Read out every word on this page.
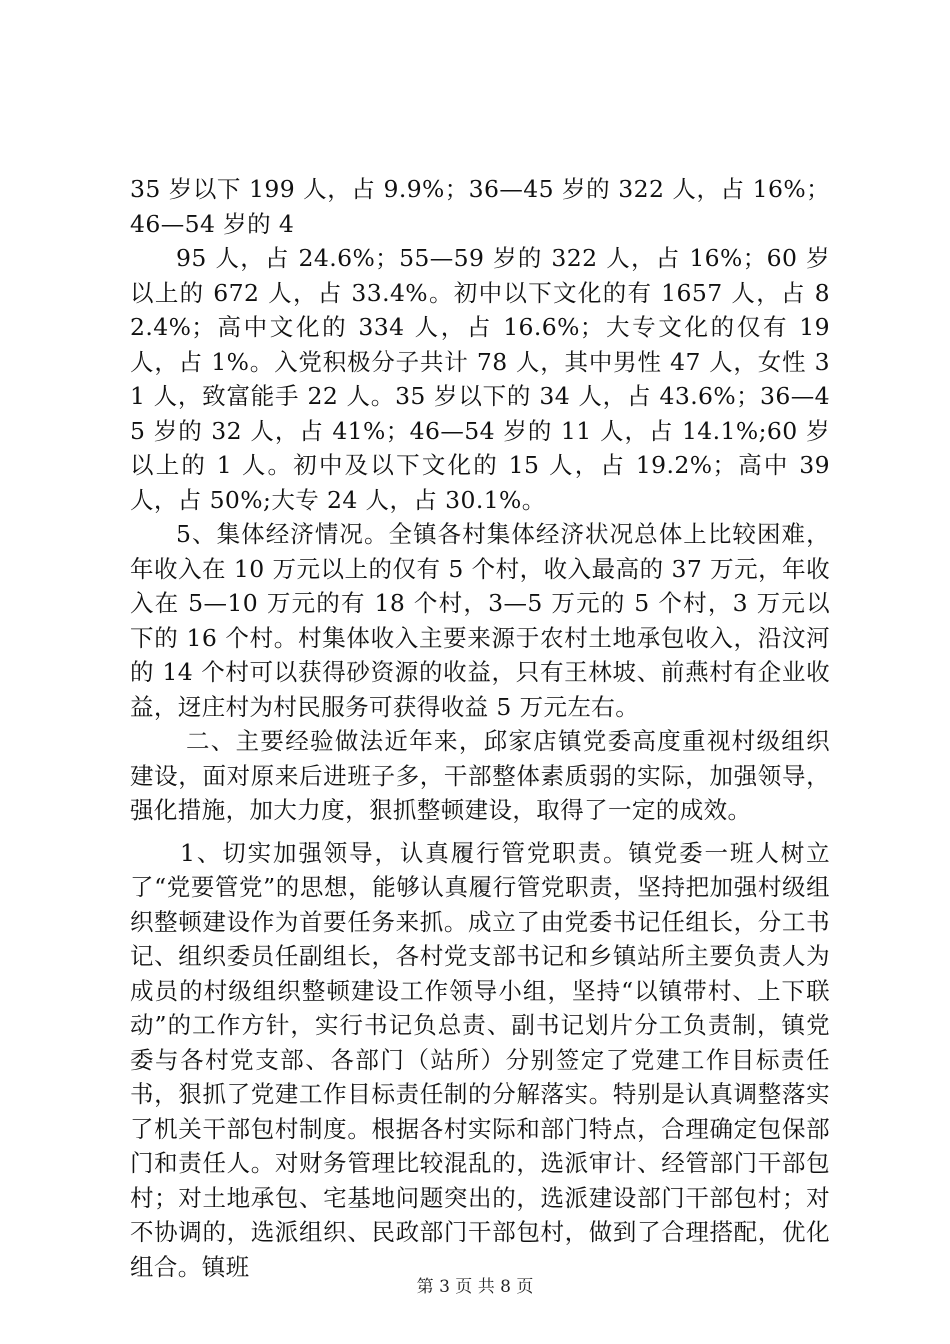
35 岁以下 199 人，占 9.9%；36—45 岁的 322 人，占 16%；46—54 岁的 4

95 人，占 24.6%；55—59 岁的 322 人，占 16%；60 岁以上的 672 人，占 33.4%。初中以下文化的有 1657 人，占 82.4%；高中文化的 334 人，占 16.6%；大专文化的仅有 19 人，占 1%。入党积极分子共计 78 人，其中男性 47 人，女性 31 人，致富能手 22 人。35 岁以下的 34 人，占 43.6%；36—45 岁的 32 人，占 41%；46—54 岁的 11 人，占 14.1%;60 岁以上的 1 人。初中及以下文化的 15 人，占 19.2%；高中 39 人，占 50%;大专 24 人，占 30.1%。

5、集体经济情况。全镇各村集体经济状况总体上比较困难，年收入在 10 万元以上的仅有 5 个村，收入最高的 37 万元，年收入在 5—10 万元的有 18 个村，3—5 万元的 5 个村，3 万元以下的 16 个村。村集体收入主要来源于农村土地承包收入，沿汶河的 14 个村可以获得砂资源的收益，只有王林坡、前燕村有企业收益，迓庄村为村民服务可获得收益 5 万元左右。

二、主要经验做法近年来，邱家店镇党委高度重视村级组织建设，面对原来后进班子多，干部整体素质弱的实际，加强领导，强化措施，加大力度，狠抓整顿建设，取得了一定的成效。

1、切实加强领导，认真履行管党职责。镇党委一班人树立了“党要管党”的思想，能够认真履行管党职责，坚持把加强村级组织整顿建设作为首要任务来抓。成立了由党委书记任组长，分工书记、组织委员任副组长，各村党支部书记和乡镇站所主要负责人为成员的村级组织整顿建设工作领导小组，坚持“以镇带村、上下联动”的工作方针，实行书记负总责、副书记划片分工负责制，镇党委与各村党支部、各部门（站所）分别签定了党建工作目标责任书，狠抓了党建工作目标责任制的分解落实。特别是认真调整落实了机关干部包村制度。根据各村实际和部门特点，合理确定包保部门和责任人。对财务管理比较混乱的，选派审计、经管部门干部包村；对土地承包、宅基地问题突出的，选派建设部门干部包村；对不协调的，选派组织、民政部门干部包村，做到了合理搭配，优化组合。镇班

第 3 页 共 8 页
